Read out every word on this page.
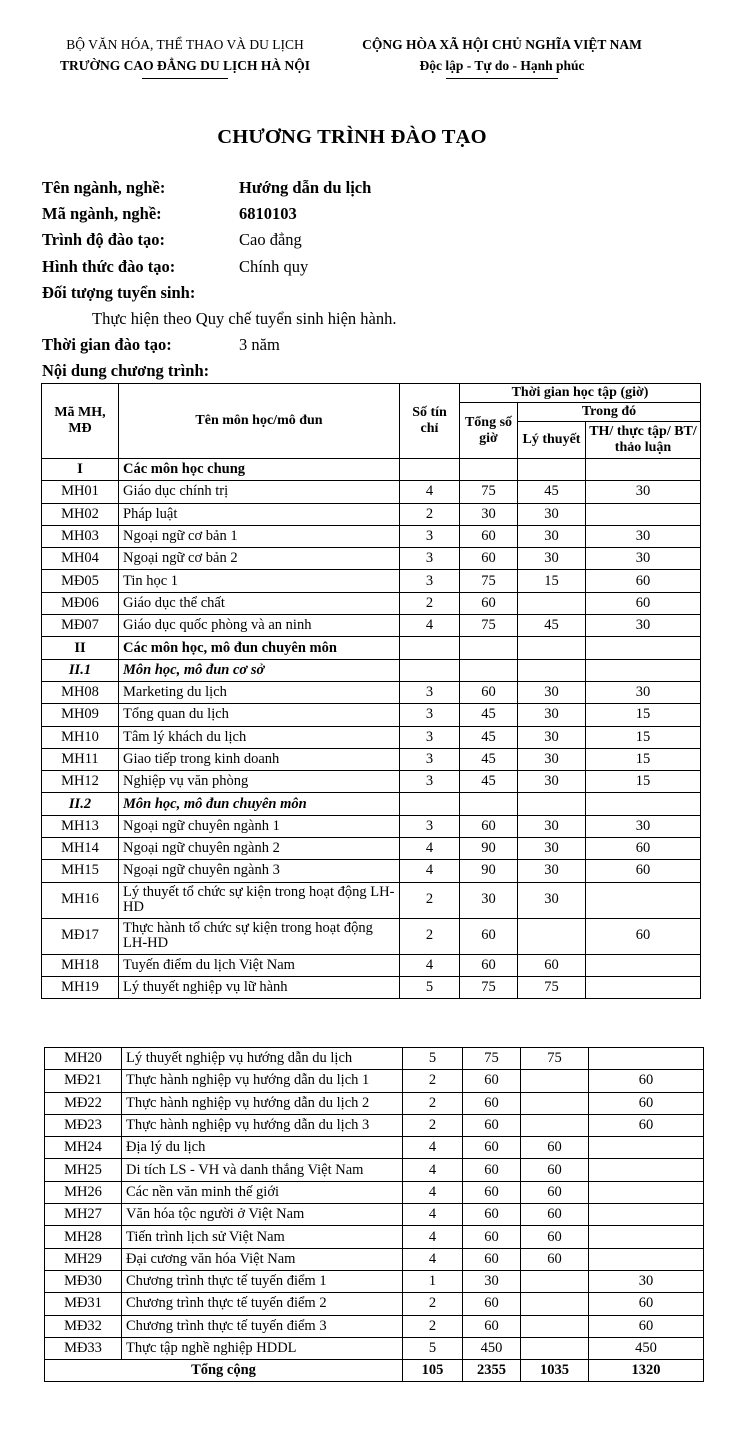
BỘ VĂN HÓA, THỂ THAO VÀ DU LỊCH
TRƯỜNG CAO ĐẲNG DU LỊCH HÀ NỘI
CỘNG HÒA XÃ HỘI CHỦ NGHĨA VIỆT NAM
Độc lập - Tự do - Hạnh phúc
CHƯƠNG TRÌNH ĐÀO TẠO
Tên ngành, nghề:	Hướng dẫn du lịch
Mã ngành, nghề:	6810103
Trình độ đào tạo:	Cao đẳng
Hình thức đào tạo:	Chính quy
Đối tượng tuyển sinh:
Thực hiện theo Quy chế tuyển sinh hiện hành.
Thời gian đào tạo:	3 năm
Nội dung chương trình:
Mã MH, MĐ	Tên môn học/mô đun	Số tín chỉ	Thời gian học tập (giờ)		
			Tổng số giờ	Trong đó	
				Lý thuyết	TH/ thực tập/ BT/ thảo luận
I	Các môn học chung				
MH01	Giáo dục chính trị	4	75	45	30
MH02	Pháp luật	2	30	30	
MH03	Ngoại ngữ cơ bản 1	3	60	30	30
MH04	Ngoại ngữ cơ bản 2	3	60	30	30
MĐ05	Tin học 1	3	75	15	60
MĐ06	Giáo dục thể chất	2	60		60
MĐ07	Giáo dục quốc phòng và an ninh	4	75	45	30
II	Các môn học, mô đun chuyên môn				
II.1	Môn học, mô đun cơ sở				
MH08	Marketing du lịch	3	60	30	30
MH09	Tổng quan du lịch	3	45	30	15
MH10	Tâm lý khách du lịch	3	45	30	15
MH11	Giao tiếp trong kinh doanh	3	45	30	15
MH12	Nghiệp vụ văn phòng	3	45	30	15
II.2	Môn học, mô đun chuyên môn				
MH13	Ngoại ngữ chuyên ngành 1	3	60	30	30
MH14	Ngoại ngữ chuyên ngành 2	4	90	30	60
MH15	Ngoại ngữ chuyên ngành 3	4	90	30	60
MH16	Lý thuyết tổ chức sự kiện trong hoạt động LH-HD	2	30	30	
MĐ17	Thực hành tổ chức sự kiện trong hoạt động LH-HD	2	60		60
MH18	Tuyến điểm du lịch Việt Nam	4	60	60	
MH19	Lý thuyết nghiệp vụ lữ hành	5	75	75	
MH20	Lý thuyết nghiệp vụ hướng dẫn du lịch	5	75	75	
MĐ21	Thực hành nghiệp vụ hướng dẫn du lịch 1	2	60		60
MĐ22	Thực hành nghiệp vụ hướng dẫn du lịch 2	2	60		60
MĐ23	Thực hành nghiệp vụ hướng dẫn du lịch 3	2	60		60
MH24	Địa lý du lịch	4	60	60	
MH25	Di tích LS - VH và danh thắng Việt Nam	4	60	60	
MH26	Các nền văn minh thế giới	4	60	60	
MH27	Văn hóa tộc người ở Việt Nam	4	60	60	
MH28	Tiến trình lịch sử Việt Nam	4	60	60	
MH29	Đại cương văn hóa Việt Nam	4	60	60	
MĐ30	Chương trình thực tế tuyến điểm 1	1	30		30
MĐ31	Chương trình thực tế tuyến điểm 2	2	60		60
MĐ32	Chương trình thực tế tuyến điểm 3	2	60		60
MĐ33	Thực tập nghề nghiệp HDDL	5	450		450
Tổng cộng		105	2355	1035	1320
